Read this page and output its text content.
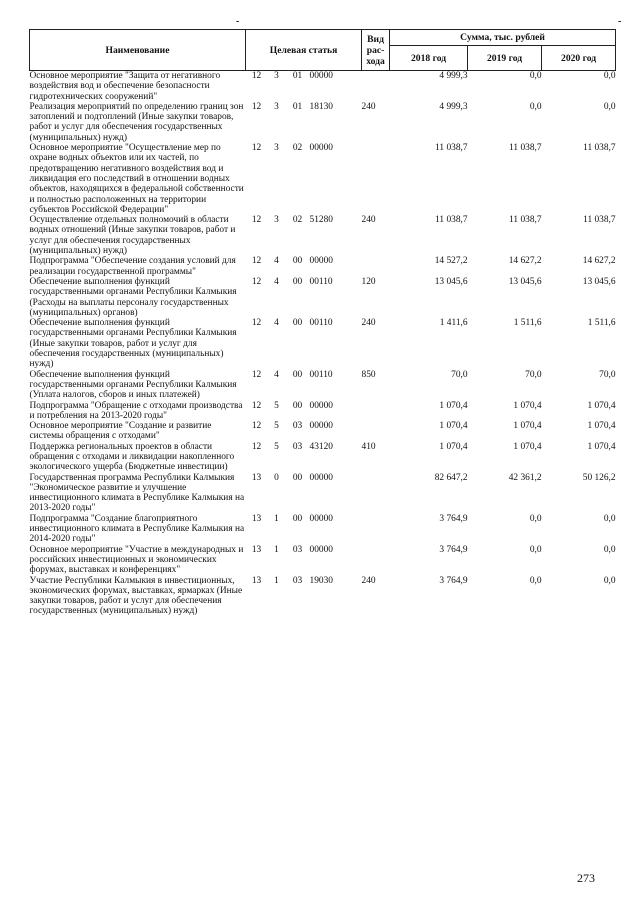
-	-
Наименование	Целевая статья				Вид рас-хода	Сумма, тыс. рублей		
						2018 год	2019 год	2020 год
Основное мероприятие "Защита от негативного воздействия вод и обеспечение безопасности гидротехнических сооружений"	12	3	01	00000		4 999,3	0,0	0,0
Реализация мероприятий по определению границ зон затоплений и подтоплений (Иные закупки товаров, работ и услуг для обеспечения государственных (муниципальных) нужд)	12	3	01	18130	240	4 999,3	0,0	0,0
Основное мероприятие "Осуществление мер по охране водных объектов или их частей, по предотвращению негативного воздействия вод и ликвидация его последствий в отношении водных объектов, находящихся в федеральной собственности и полностью расположенных на территории субъектов Российской Федерации"	12	3	02	00000		11 038,7	11 038,7	11 038,7
Осуществление отдельных полномочий в области водных отношений (Иные закупки товаров, работ и услуг для обеспечения государственных (муниципальных) нужд)	12	3	02	51280	240	11 038,7	11 038,7	11 038,7
Подпрограмма "Обеспечение создания условий для реализации государственной программы"	12	4	00	00000		14 527,2	14 627,2	14 627,2
Обеспечение выполнения функций государственными органами Республики Калмыкия (Расходы на выплаты персоналу государственных (муниципальных) органов)	12	4	00	00110	120	13 045,6	13 045,6	13 045,6
Обеспечение выполнения функций государственными органами Республики Калмыкия (Иные закупки товаров, работ и услуг для обеспечения государственных (муниципальных) нужд)	12	4	00	00110	240	1 411,6	1 511,6	1 511,6
Обеспечение выполнения функций государственными органами Республики Калмыкия (Уплата налогов, сборов и иных платежей)	12	4	00	00110	850	70,0	70,0	70,0
Подпрограмма "Обращение с отходами производства и потребления на 2013-2020 годы"	12	5	00	00000		1 070,4	1 070,4	1 070,4
Основное мероприятие "Создание и развитие системы обращения с отходами"	12	5	03	00000		1 070,4	1 070,4	1 070,4
Поддержка региональных проектов в области обращения с отходами и ликвидации накопленного экологического ущерба (Бюджетные инвестиции)	12	5	03	43120	410	1 070,4	1 070,4	1 070,4
Государственная программа Республики Калмыкия "Экономическое развитие и улучшение инвестиционного климата в Республике Калмыкия на 2013-2020 годы"	13	0	00	00000		82 647,2	42 361,2	50 126,2
Подпрограмма "Создание благоприятного инвестиционного климата в Республике Калмыкия на 2014-2020 годы"	13	1	00	00000		3 764,9	0,0	0,0
Основное мероприятие "Участие в международных и российских инвестиционных и экономических форумах, выставках и конференциях"	13	1	03	00000		3 764,9	0,0	0,0
Участие Республики Калмыкия в инвестиционных, экономических форумах, выставках, ярмарках (Иные закупки товаров, работ и услуг для обеспечения государственных (муниципальных) нужд)	13	1	03	19030	240	3 764,9	0,0	0,0
273
